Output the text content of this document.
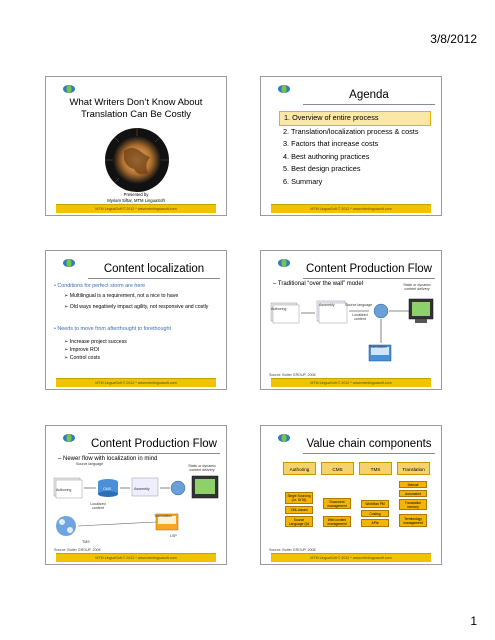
3/8/2012
What Writers Don’t Know About Translation Can Be Costly
Presented by
Myriam Siftar, MTM LinguaSoft
MTM LinguaSoft © 2012 * www.mtmlinguasoft.com
Agenda
1. Overview of entire process
2. Translation/localization process & costs
3. Factors that increase costs
4. Best authoring practices
5. Best design practices
6. Summary
MTM LinguaSoft © 2012 * www.mtmlinguasoft.com
Content localization
• Conditions for perfect storm are here
➢ Multilingual is a requirement, not a nice to have
➢ Old ways negatively impact agility, not responsive and costly
• Needs to move from afterthought to forethought
➢ Increase project success
➢ Improve ROI
➢ Control costs
MTM LinguaSoft © 2012 * www.mtmlinguasoft.com
Content Production Flow
– Traditional “over the wall” model	Static or dynamic content delivery
Authoring
Assembly	Source language
Localized content
Translation
Source: Butler GROUP, 2008
MTM LinguaSoft © 2012 * www.mtmlinguasoft.com
Content Production Flow
– Newer flow with localization in mind
Static or dynamic content delivery
Source language
Authoring	CMS	Assembly
Localized content
Translation
LSP
TMS
Source: Butler GROUP, 2008
MTM LinguaSoft © 2012 * www.mtmlinguasoft.com
Value chain components
Authoring	CMS	TMS	Translation
Single Sourcing (i.e. DITA)
XML-based
Source Language QA
Document management
Web content management
Workflow PM
Costing
APIs
Manual
Automated
Translation memory
Terminology management
Source: Butler GROUP, 2008
MTM LinguaSoft © 2012 * www.mtmlinguasoft.com
1
